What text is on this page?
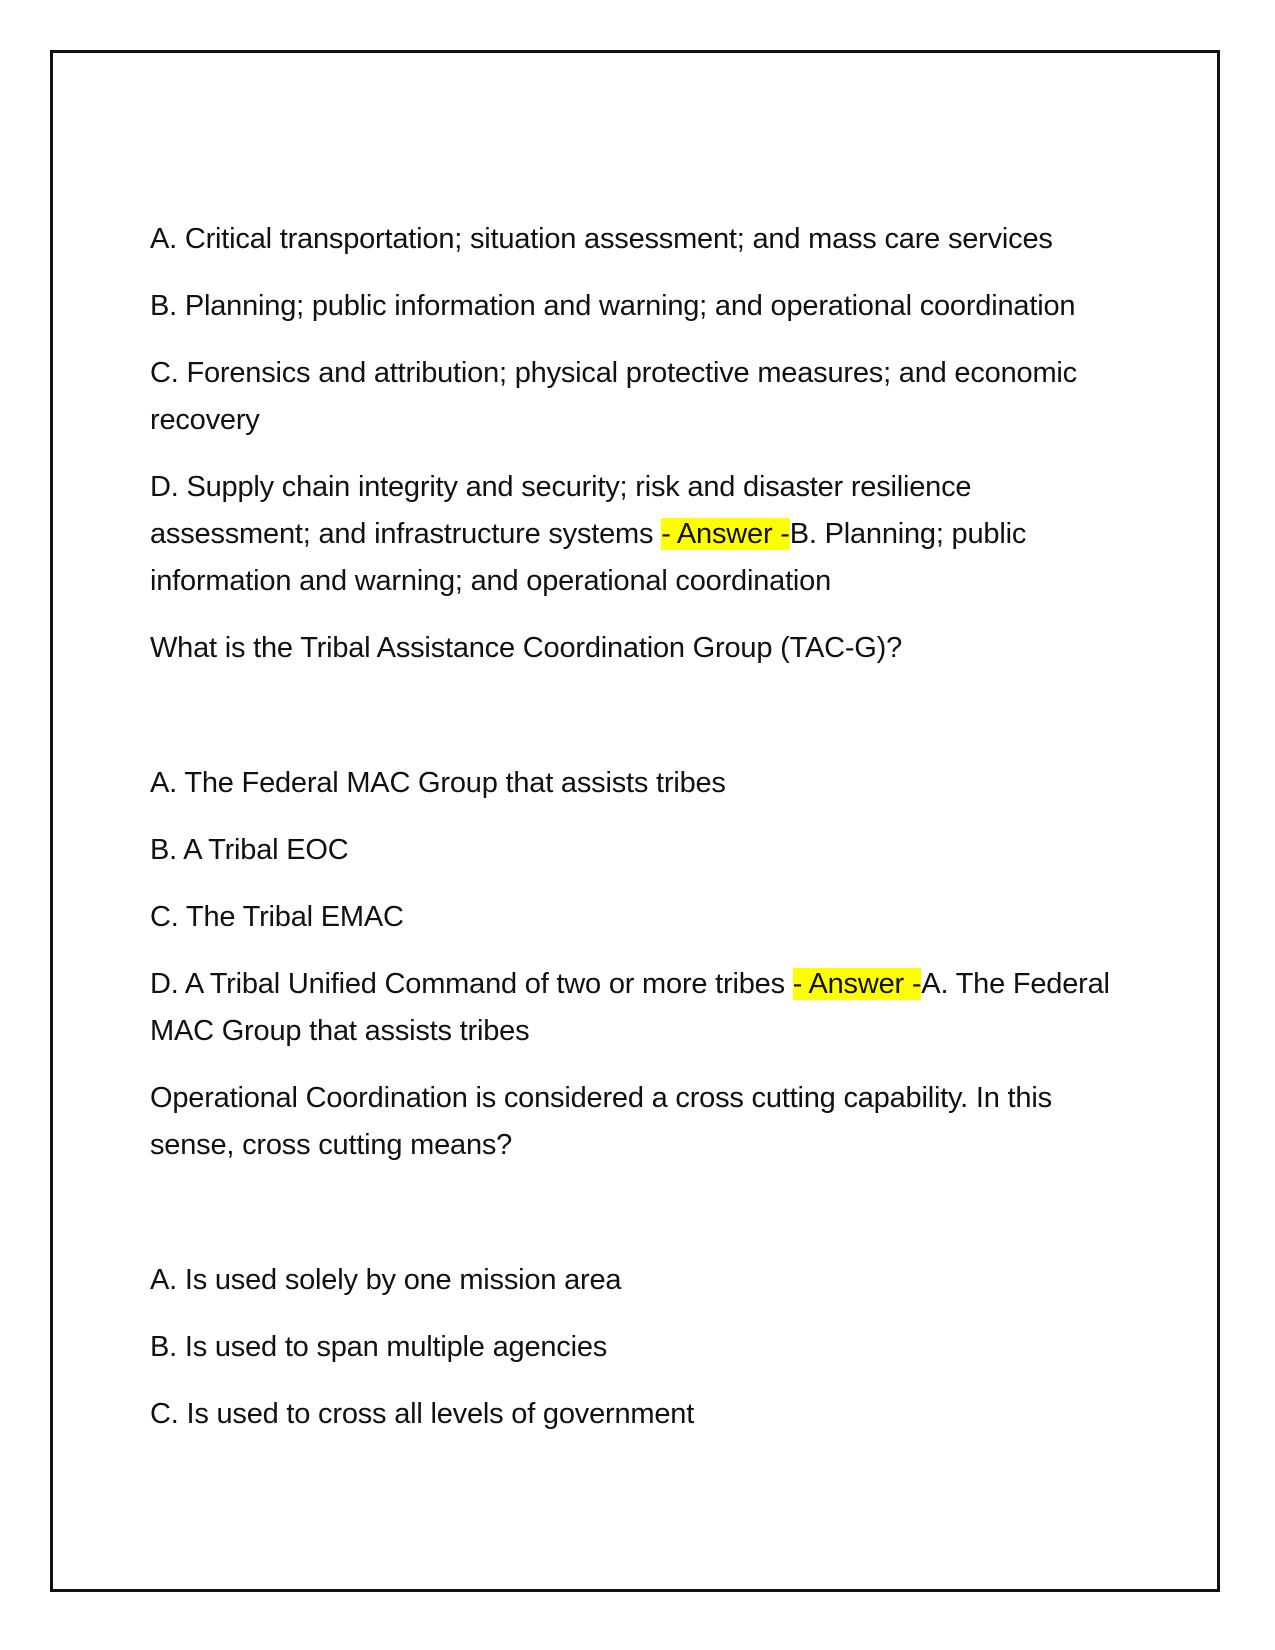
A. Critical transportation; situation assessment; and mass care services

B. Planning; public information and warning; and operational coordination

C. Forensics and attribution; physical protective measures; and economic recovery

D. Supply chain integrity and security; risk and disaster resilience assessment; and infrastructure systems - Answer -B. Planning; public information and warning; and operational coordination

What is the Tribal Assistance Coordination Group (TAC-G)?

A. The Federal MAC Group that assists tribes

B. A Tribal EOC

C. The Tribal EMAC

D. A Tribal Unified Command of two or more tribes - Answer -A. The Federal MAC Group that assists tribes

Operational Coordination is considered a cross cutting capability. In this sense, cross cutting means?

A. Is used solely by one mission area

B. Is used to span multiple agencies

C. Is used to cross all levels of government
